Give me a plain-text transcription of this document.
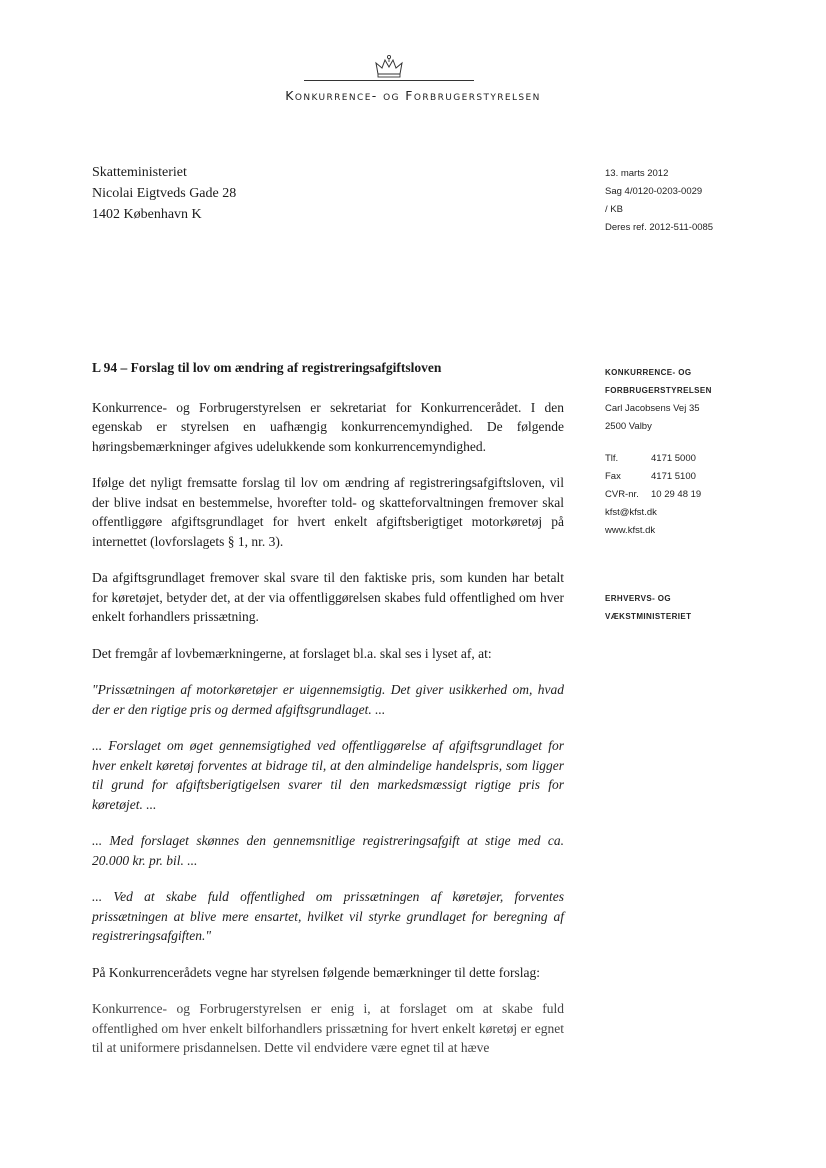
Konkurrence- og Forbrugerstyrelsen
Skatteministeriet
Nicolai Eigtveds Gade 28
1402 København K
13. marts 2012
Sag 4/0120-0203-0029
/ KB
Deres ref. 2012-511-0085
KONKURRENCE- OG
FORBRUGERSTYRELSEN
Carl Jacobsens Vej 35
2500 Valby
Tlf.	4171 5000
Fax	4171 5100
CVR-nr.	10 29 48 19
kfst@kfst.dk
www.kfst.dk
ERHVERVS- OG
VÆKSTMINISTERIET

L 94 – Forslag til lov om ændring af registreringsafgiftsloven

Konkurrence- og Forbrugerstyrelsen er sekretariat for Konkurrencerådet. I den egenskab er styrelsen en uafhængig konkurrencemyndighed. De følgende høringsbemærkninger afgives udelukkende som konkurrencemyndighed.

Ifølge det nyligt fremsatte forslag til lov om ændring af registreringsafgiftsloven, vil der blive indsat en bestemmelse, hvorefter told- og skatteforvaltningen fremover skal offentliggøre afgiftsgrundlaget for hvert enkelt afgiftsberigtiget motorkøretøj på internettet (lovforslagets § 1, nr. 3).

Da afgiftsgrundlaget fremover skal svare til den faktiske pris, som kunden har betalt for køretøjet, betyder det, at der via offentliggørelsen skabes fuld offentlighed om hver enkelt forhandlers prissætning.

Det fremgår af lovbemærkningerne, at forslaget bl.a. skal ses i lyset af, at:

"Prissætningen af motorkøretøjer er uigennemsigtig. Det giver usikkerhed om, hvad der er den rigtige pris og dermed afgiftsgrundlaget. ...

... Forslaget om øget gennemsigtighed ved offentliggørelse af afgiftsgrundlaget for hver enkelt køretøj forventes at bidrage til, at den almindelige handelspris, som ligger til grund for afgiftsberigtigelsen svarer til den markedsmæssigt rigtige pris for køretøjet. ...

... Med forslaget skønnes den gennemsnitlige registreringsafgift at stige med ca. 20.000 kr. pr. bil. ...

... Ved at skabe fuld offentlighed om prissætningen af køretøjer, forventes prissætningen at blive mere ensartet, hvilket vil styrke grundlaget for beregning af registreringsafgiften."

På Konkurrencerådets vegne har styrelsen følgende bemærkninger til dette forslag:

Konkurrence- og Forbrugerstyrelsen er enig i, at forslaget om at skabe fuld offentlighed om hver enkelt bilforhandlers prissætning for hvert enkelt køretøj er egnet til at uniformere prisdannelsen. Dette vil endvidere være egnet til at hæve
